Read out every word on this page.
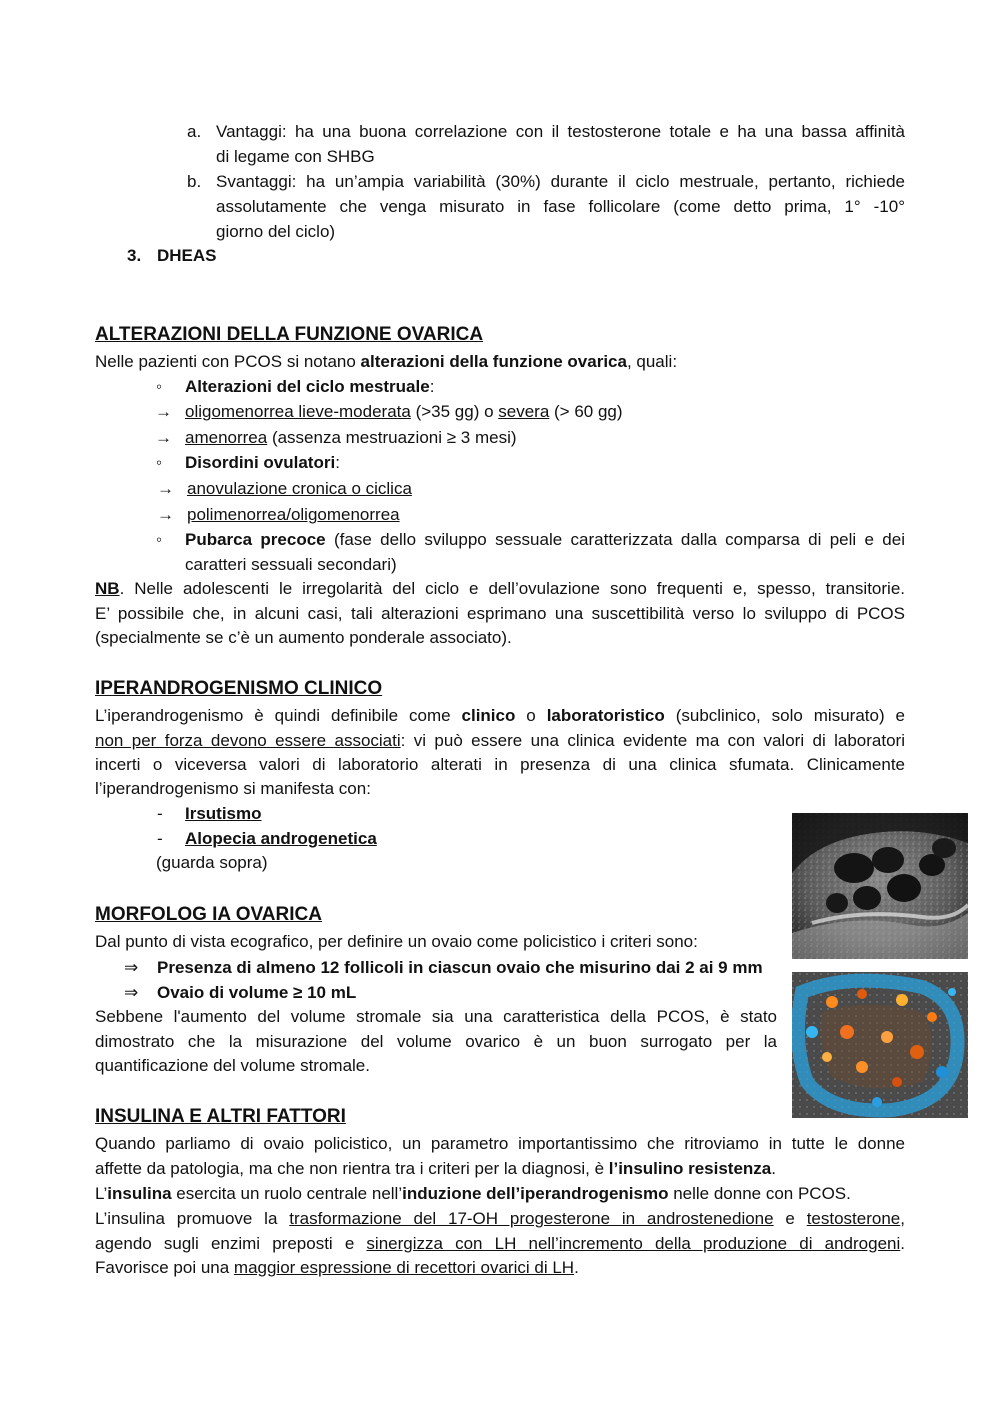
a. Vantaggi: ha una buona correlazione con il testosterone totale e ha una bassa affinità
di legame con SHBG
b. Svantaggi: ha un’ampia variabilità (30%) durante il ciclo mestruale, pertanto, richiede
assolutamente che venga misurato in fase follicolare (come detto prima, 1° -10°
giorno del ciclo)
3. DHEAS
ALTERAZIONI DELLA FUNZIONE OVARICA
Nelle pazienti con PCOS si notano alterazioni della funzione ovarica, quali:
◦ Alterazioni del ciclo mestruale:
→ oligomenorrea lieve-moderata (>35 gg) o severa (> 60 gg)
→ amenorrea (assenza mestruazioni ≥ 3 mesi)
◦ Disordini ovulatori:
→ anovulazione cronica o ciclica
→ polimenorrea/oligomenorrea
◦ Pubarca precoce (fase dello sviluppo sessuale caratterizzata dalla comparsa di peli e dei
caratteri sessuali secondari)
NB. Nelle adolescenti le irregolarità del ciclo e dell’ovulazione sono frequenti e, spesso, transitorie.
E’ possibile che, in alcuni casi, tali alterazioni esprimano una suscettibilità verso lo sviluppo di PCOS
(specialmente se c’è un aumento ponderale associato).
IPERANDROGENISMO CLINICO
L’iperandrogenismo è quindi definibile come clinico o laboratoristico (subclinico, solo misurato) e
non per forza devono essere associati: vi può essere una clinica evidente ma con valori di laboratori
incerti o viceversa valori di laboratorio alterati in presenza di una clinica sfumata. Clinicamente
l’iperandrogenismo si manifesta con:
- Irsutismo
- Alopecia androgenetica
(guarda sopra)
MORFOLOG IA OVARICA
Dal punto di vista ecografico, per definire un ovaio come policistico i criteri sono:
⇒ Presenza di almeno 12 follicoli in ciascun ovaio che misurino dai 2 ai 9 mm
⇒ Ovaio di volume ≥ 10 mL
Sebbene l'aumento del volume stromale sia una caratteristica della PCOS, è stato
dimostrato che la misurazione del volume ovarico è un buon surrogato per la
quantificazione del volume stromale.
INSULINA E ALTRI FATTORI
Quando parliamo di ovaio policistico, un parametro importantissimo che ritroviamo in tutte le donne
affette da patologia, ma che non rientra tra i criteri per la diagnosi, è l’insulino resistenza.
L’insulina esercita un ruolo centrale nell’induzione dell’iperandrogenismo nelle donne con PCOS.
L’insulina promuove la trasformazione del 17-OH progesterone in androstenedione e testosterone,
agendo sugli enzimi preposti e sinergizza con LH nell’incremento della produzione di androgeni.
Favorisce poi una maggior espressione di recettori ovarici di LH.
